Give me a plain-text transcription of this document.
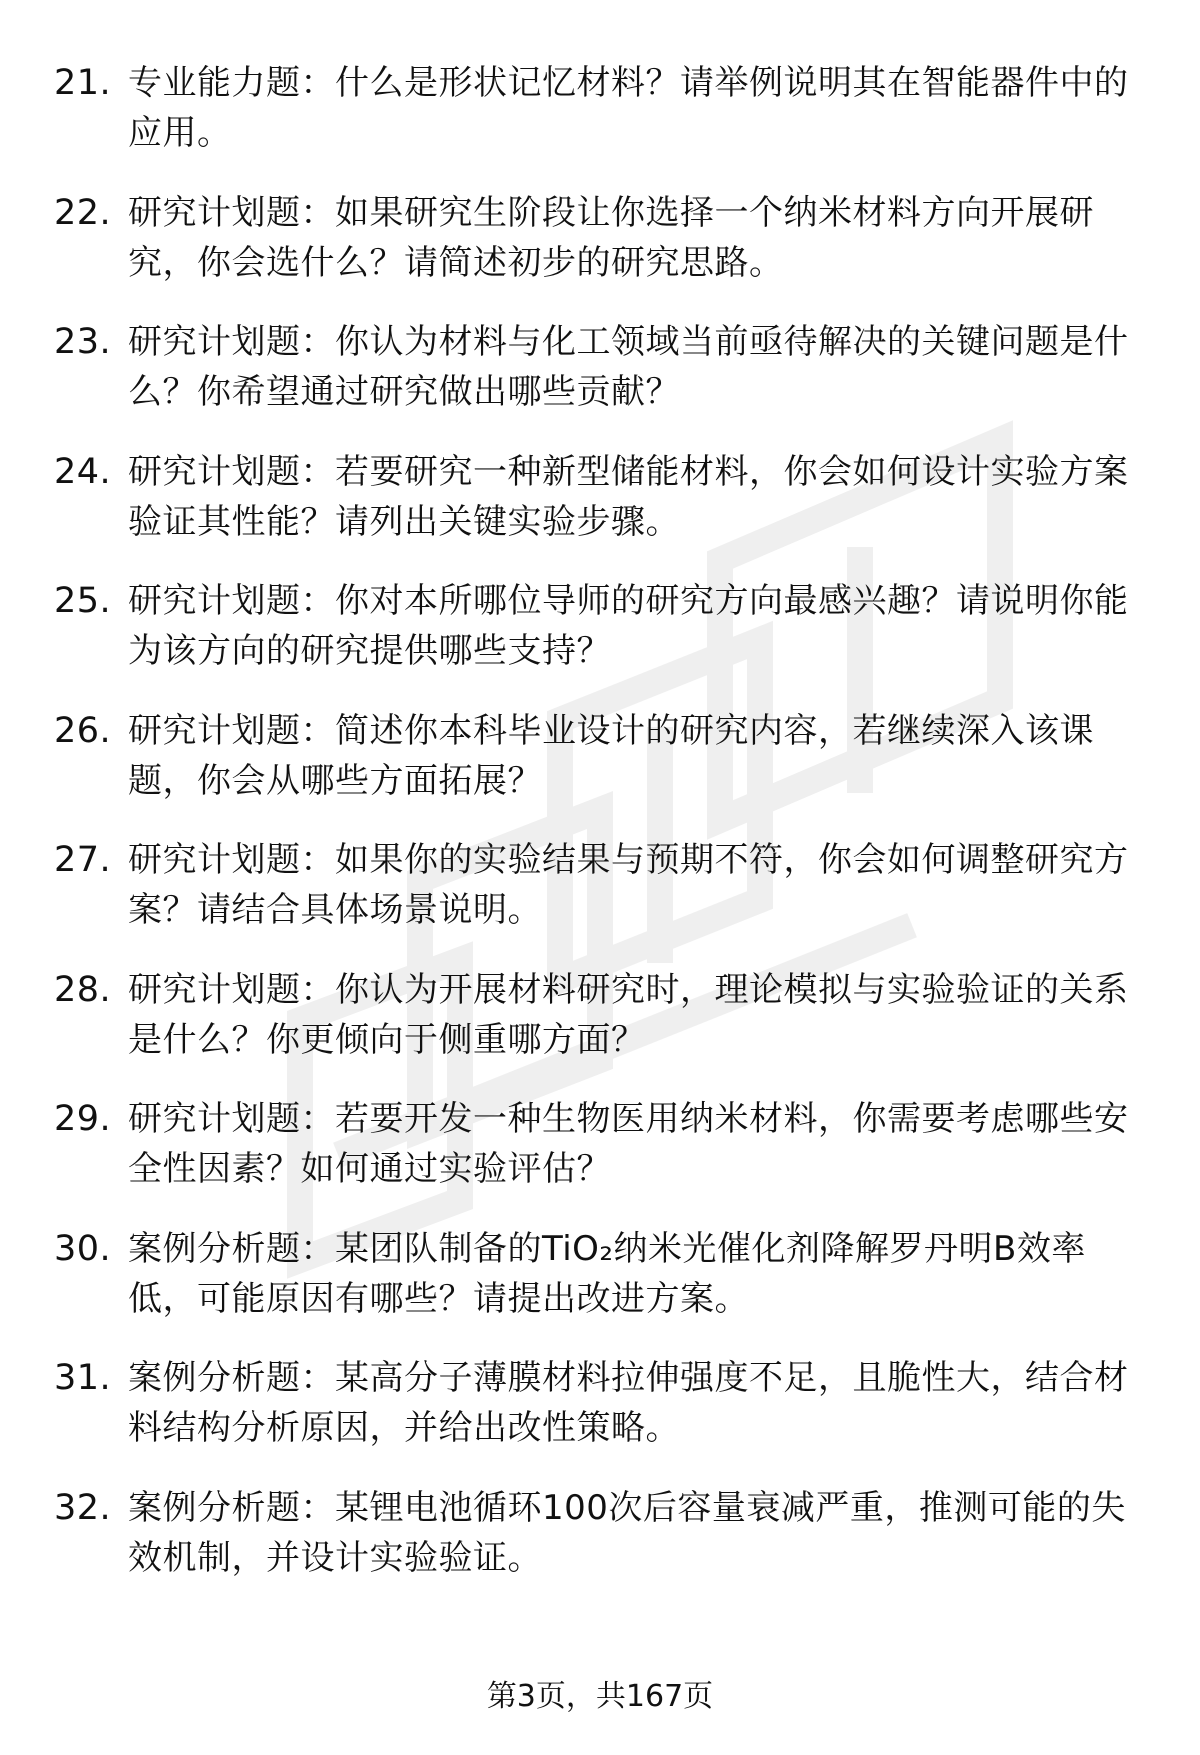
21. 专业能力题：什么是形状记忆材料？请举例说明其在智能器件中的应用。
22. 研究计划题：如果研究生阶段让你选择一个纳米材料方向开展研究，你会选什么？请简述初步的研究思路。
23. 研究计划题：你认为材料与化工领域当前亟待解决的关键问题是什么？你希望通过研究做出哪些贡献？
24. 研究计划题：若要研究一种新型储能材料，你会如何设计实验方案验证其性能？请列出关键实验步骤。
25. 研究计划题：你对本所哪位导师的研究方向最感兴趣？请说明你能为该方向的研究提供哪些支持？
26. 研究计划题：简述你本科毕业设计的研究内容，若继续深入该课题，你会从哪些方面拓展？
27. 研究计划题：如果你的实验结果与预期不符，你会如何调整研究方案？请结合具体场景说明。
28. 研究计划题：你认为开展材料研究时，理论模拟与实验验证的关系是什么？你更倾向于侧重哪方面？
29. 研究计划题：若要开发一种生物医用纳米材料，你需要考虑哪些安全性因素？如何通过实验评估？
30. 案例分析题：某团队制备的TiO₂纳米光催化剂降解罗丹明B效率低，可能原因有哪些？请提出改进方案。
31. 案例分析题：某高分子薄膜材料拉伸强度不足，且脆性大，结合材料结构分析原因，并给出改性策略。
32. 案例分析题：某锂电池循环100次后容量衰减严重，推测可能的失效机制，并设计实验验证。
第3页，共167页
